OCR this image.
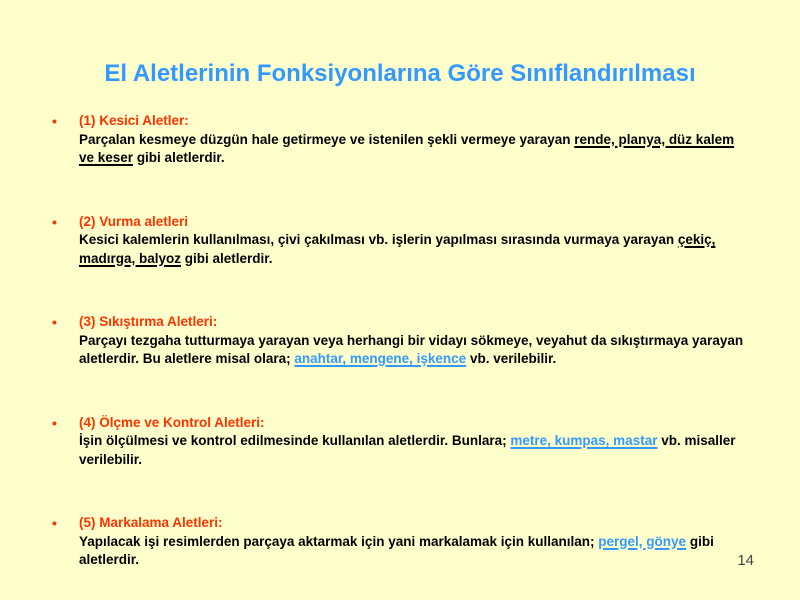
El Aletlerinin Fonksiyonlarına Göre Sınıflandırılması
• (1) Kesici Aletler:
Parçalan kesmeye düzgün hale getirmeye ve istenilen şekli vermeye yarayan rende, planya, düz kalem ve keser gibi aletlerdir.
• (2) Vurma aletleri
Kesici kalemlerin kullanılması, çivi çakılması vb. işlerin yapılması sırasında vurmaya yarayan çekiç, madırga, balyoz gibi aletlerdir.
• (3) Sıkıştırma Aletleri:
Parçayı tezgaha tutturmaya yarayan veya herhangi bir vidayı sökmeye, veyahut da sıkıştırmaya yarayan aletlerdir. Bu aletlere misal olara; anahtar, mengene, işkence vb. verilebilir.
• (4) Ölçme ve Kontrol Aletleri:
İşin ölçülmesi ve kontrol edilmesinde kullanılan aletlerdir. Bunlara; metre, kumpas, mastar vb. misaller verilebilir.
• (5) Markalama Aletleri:
Yapılacak işi resimlerden parçaya aktarmak için yani markalamak için kullanılan; pergel, gönye gibi aletlerdir.	14
